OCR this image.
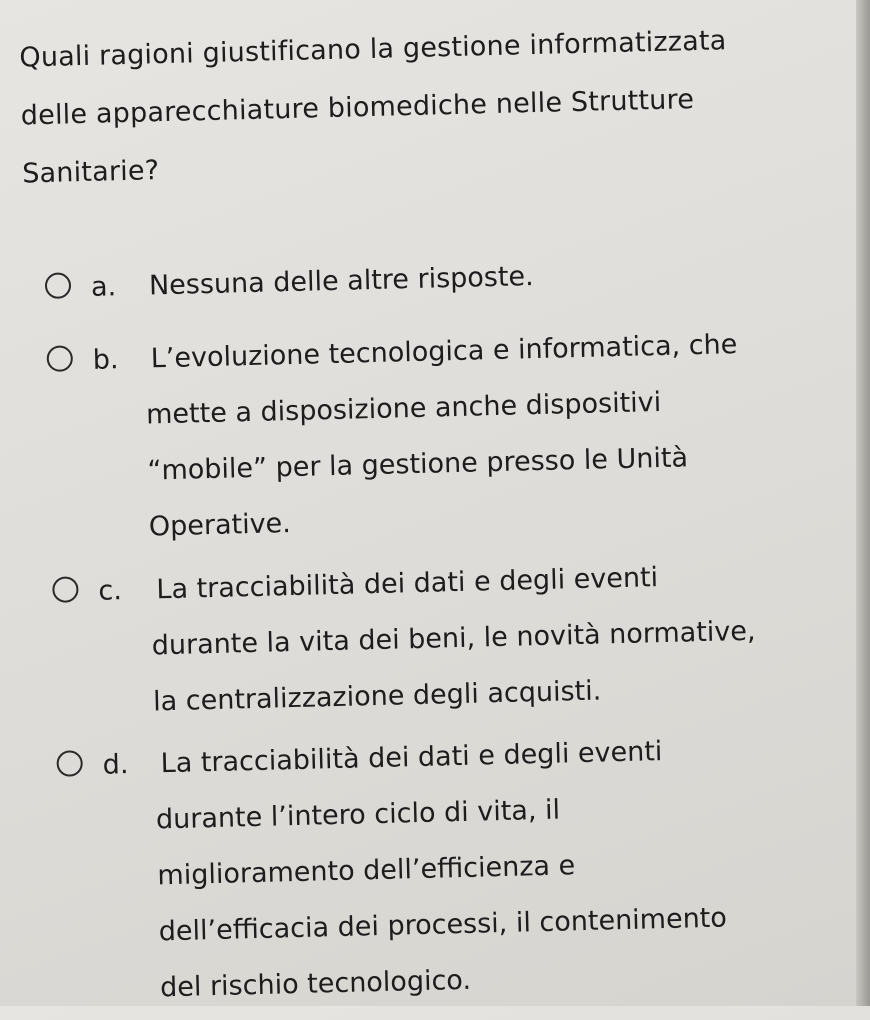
Quali ragioni giustificano la gestione informatizzata
delle apparecchiature biomediche nelle Strutture
Sanitarie?
a. Nessuna delle altre risposte.

b. L’evoluzione tecnologica e informatica, che
mette a disposizione anche dispositivi
“mobile” per la gestione presso le Unità
Operative.

c. La tracciabilità dei dati e degli eventi
durante la vita dei beni, le novità normative,
la centralizzazione degli acquisti.

d. La tracciabilità dei dati e degli eventi
durante l’intero ciclo di vita, il
miglioramento dell’efficienza e
dell’efficacia dei processi, il contenimento
del rischio tecnologico.
